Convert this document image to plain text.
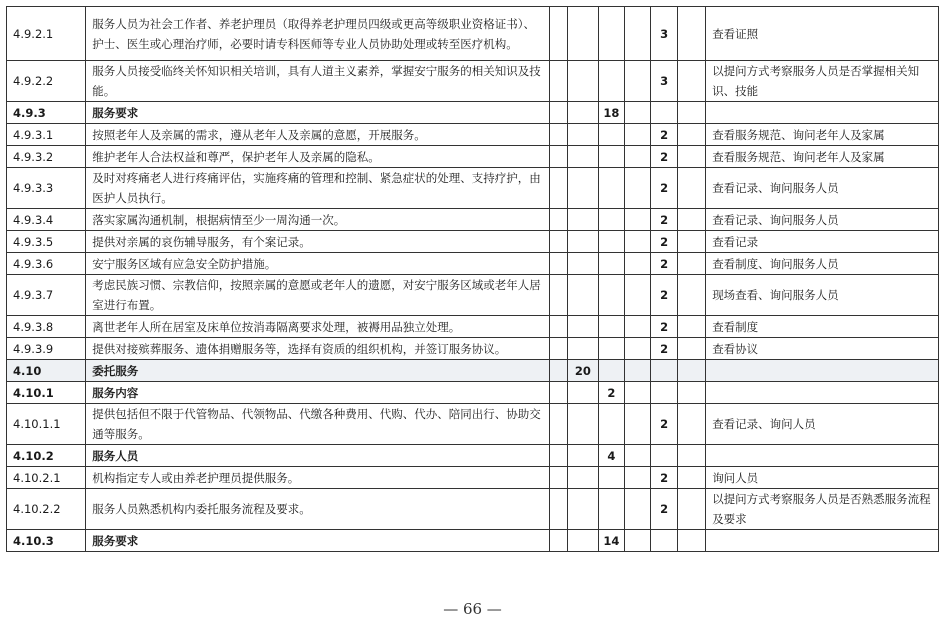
4.9.2.1	服务人员为社会工作者、养老护理员（取得养老护理员四级或更高等级职业资格证书）、护士、医生或心理治疗师，必要时请专科医师等专业人员协助处理或转至医疗机构。					3		查看证照
4.9.2.2	服务人员接受临终关怀知识相关培训，具有人道主义素养，掌握安宁服务的相关知识及技能。					3		以提问方式考察服务人员是否掌握相关知识、技能
4.9.3	服务要求			18				
4.9.3.1	按照老年人及亲属的需求，遵从老年人及亲属的意愿，开展服务。					2		查看服务规范、询问老年人及家属
4.9.3.2	维护老年人合法权益和尊严，保护老年人及亲属的隐私。					2		查看服务规范、询问老年人及家属
4.9.3.3	及时对疼痛老人进行疼痛评估，实施疼痛的管理和控制、紧急症状的处理、支持疗护，由医护人员执行。					2		查看记录、询问服务人员
4.9.3.4	落实家属沟通机制，根据病情至少一周沟通一次。					2		查看记录、询问服务人员
4.9.3.5	提供对亲属的哀伤辅导服务，有个案记录。					2		查看记录
4.9.3.6	安宁服务区域有应急安全防护措施。					2		查看制度、询问服务人员
4.9.3.7	考虑民族习惯、宗教信仰，按照亲属的意愿或老年人的遗愿，对安宁服务区域或老年人居室进行布置。					2		现场查看、询问服务人员
4.9.3.8	离世老年人所在居室及床单位按消毒隔离要求处理，被褥用品独立处理。					2		查看制度
4.9.3.9	提供对接殡葬服务、遗体捐赠服务等，选择有资质的组织机构，并签订服务协议。					2		查看协议
4.10	委托服务		20					
4.10.1	服务内容			2				
4.10.1.1	提供包括但不限于代管物品、代领物品、代缴各种费用、代购、代办、陪同出行、协助交通等服务。					2		查看记录、询问人员
4.10.2	服务人员			4				
4.10.2.1	机构指定专人或由养老护理员提供服务。					2		询问人员
4.10.2.2	服务人员熟悉机构内委托服务流程及要求。					2		以提问方式考察服务人员是否熟悉服务流程及要求
4.10.3	服务要求			14				
— 66 —
